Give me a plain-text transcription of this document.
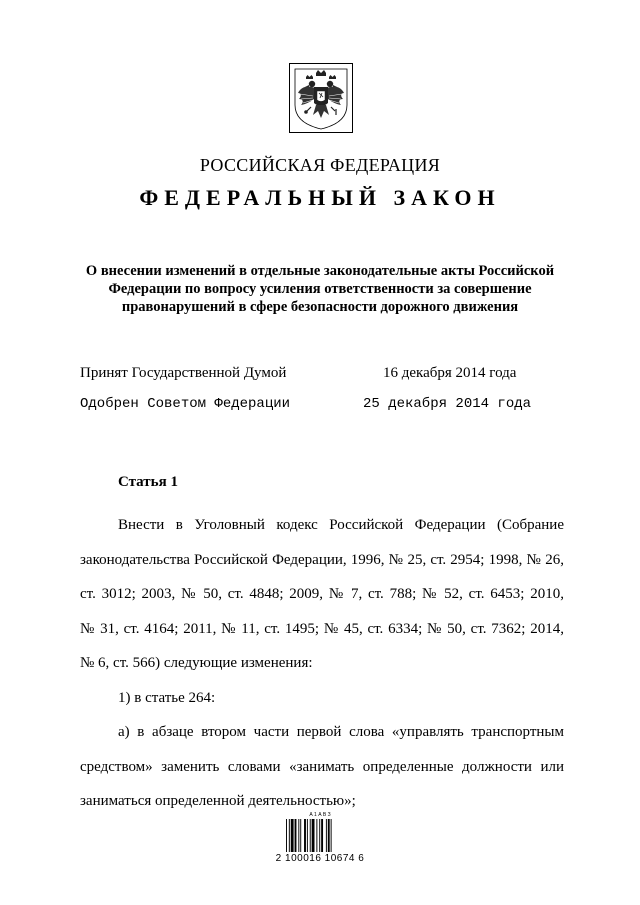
РОССИЙСКАЯ ФЕДЕРАЦИЯ
ФЕДЕРАЛЬНЫЙ ЗАКОН
О внесении изменений в отдельные законодательные акты Российской
Федерации по вопросу усиления ответственности за совершение
правонарушений в сфере безопасности дорожного движения
Принят Государственной Думой	16 декабря 2014 года
Одобрен Советом Федерации	25 декабря 2014 года
Статья 1

Внести в Уголовный кодекс Российской Федерации (Собрание

законодательства Российской Федерации, 1996, № 25, ст. 2954; 1998, № 26,

ст. 3012; 2003, № 50, ст. 4848; 2009, № 7, ст. 788; № 52, ст. 6453; 2010,

№ 31, ст. 4164; 2011, № 11, ст. 1495; № 45, ст. 6334; № 50, ст. 7362; 2014,

№ 6, ст. 566) следующие изменения:

1) в статье 264:

а) в абзаце втором части первой слова «управлять транспортным

средством» заменить словами «занимать определенные должности или

заниматься определенной деятельностью»;

А 1 А В З
2 100016 10674 6
